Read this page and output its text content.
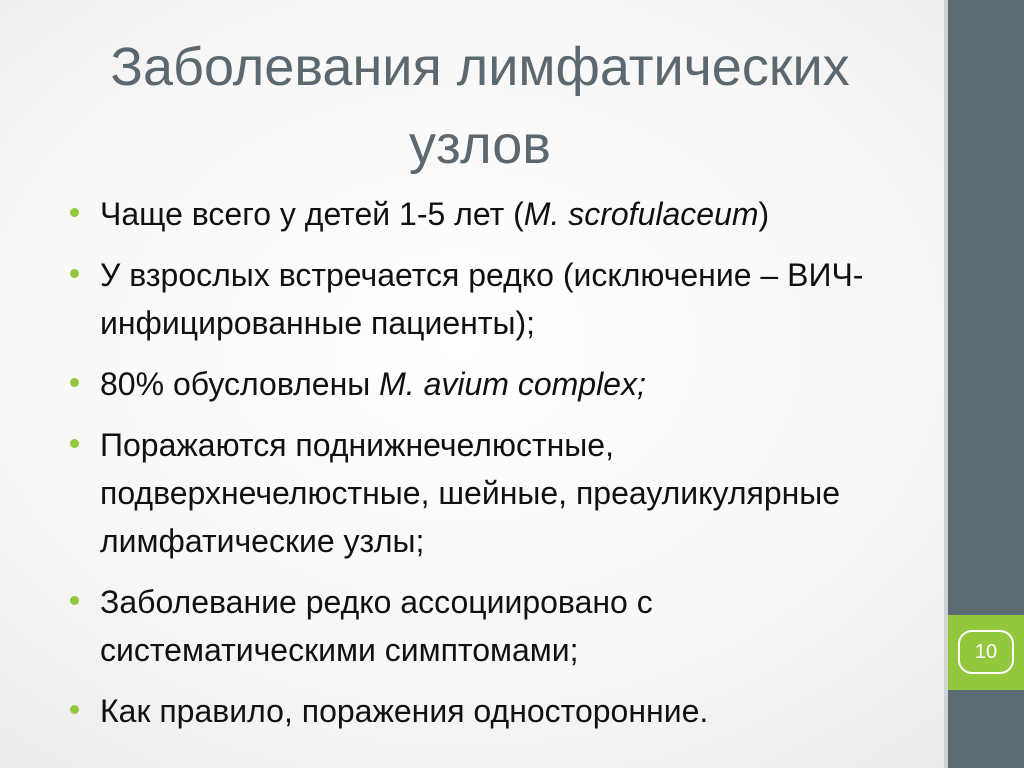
Заболевания лимфатических узлов
Чаще всего у детей 1-5 лет (M. scrofulaceum)
У взрослых встречается редко (исключение – ВИЧ-инфицированные пациенты);
80% обусловлены M. avium complex;
Поражаются поднижнечелюстные, подверхнечелюстные, шейные, преауликулярные лимфатические узлы;
Заболевание редко ассоциировано с систематическими симптомами;
Как правило, поражения односторонние.
10
